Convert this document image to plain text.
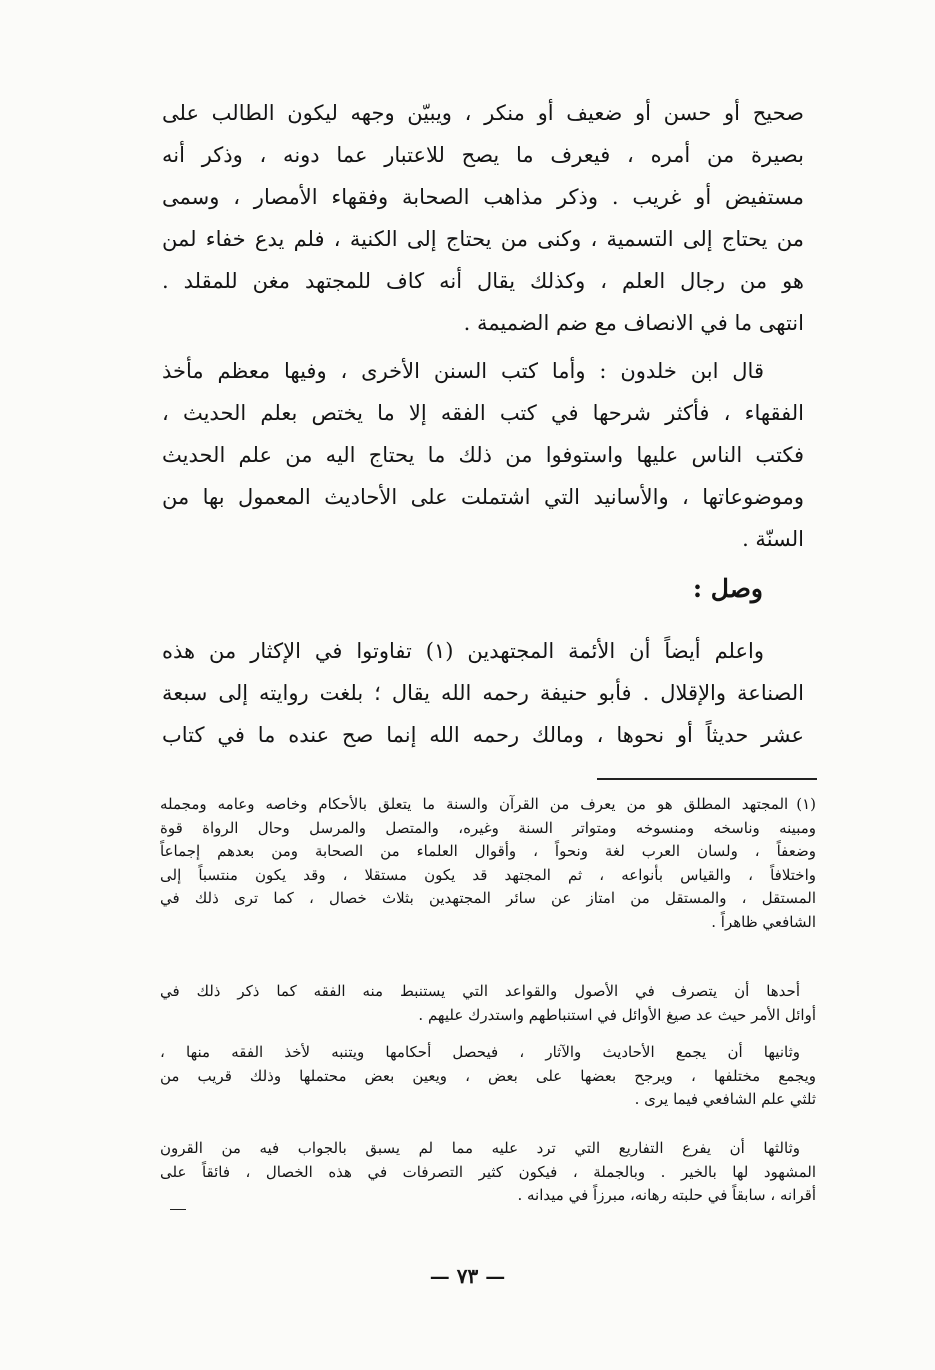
صحيح أو حسن أو ضعيف أو منكر ، ويبيّن وجهه ليكون الطالب على
بصيرة من أمره ، فيعرف ما يصح للاعتبار عما دونه ، وذكر أنه
مستفيض أو غريب . وذكر مذاهب الصحابة وفقهاء الأمصار ، وسمى
من يحتاج إلى التسمية ، وكنى من يحتاج إلى الكنية ، فلم يدع خفاء لمن
هو من رجال العلم ، وكذلك يقال أنه كاف للمجتهد مغن للمقلد .
انتهى ما في الانصاف مع ضم الضميمة .
قال ابن خلدون : وأما كتب السنن الأخرى ، وفيها معظم مأخذ
الفقهاء ، فأكثر شرحها في كتب الفقه إلا ما يختص بعلم الحديث ،
فكتب الناس عليها واستوفوا من ذلك ما يحتاج اليه من علم الحديث
وموضوعاتها ، والأسانيد التي اشتملت على الأحاديث المعمول بها من
السنّة .
وصل :
واعلم أيضاً أن الأئمة المجتهدين (١) تفاوتوا في الإكثار من هذه
الصناعة والإقلال . فأبو حنيفة رحمه الله يقال ؛ بلغت روايته إلى سبعة
عشر حديثاً أو نحوها ، ومالك رحمه الله إنما صح عنده ما في كتاب
(١)المجتهد المطلق هو من يعرف من القرآن والسنة ما يتعلق بالأحكام وخاصه وعامه ومجمله
ومبينه وناسخه ومنسوخه ومتواتر السنة وغيره، والمتصل والمرسل وحال الرواة قوة
وضعفاً ، ولسان العرب لغة ونحواً ، وأقوال العلماء من الصحابة ومن بعدهم إجماعاً
واختلافاً ، والقياس بأنواعه ، ثم المجتهد قد يكون مستقلا ، وقد يكون منتسباً إلى
المستقل ، والمستقل من امتاز عن سائر المجتهدين بثلاث خصال ، كما ترى ذلك في
الشافعي ظاهراً .
أحدها أن يتصرف في الأصول والقواعد التي يستنبط منه الفقه كما ذكر ذلك في
أوائل الأمر حيث عد صيغ الأوائل في استنباطهم واستدرك عليهم .
وثانيها أن يجمع الأحاديث والآثار ، فيحصل أحكامها ويتنبه لأخذ الفقه منها ،
ويجمع مختلفها ، ويرجح بعضها على بعض ، ويعين بعض محتملها وذلك قريب من
ثلثي علم الشافعي فيما يرى .
وثالثها أن يفرع التفاريع التي ترد عليه مما لم يسبق بالجواب فيه من القرون
المشهود لها بالخير . وبالجملة ، فيكون كثير التصرفات في هذه الخصال ، فائقاً على
أقرانه ، سابقاً في حلبته رهانه، مبرزاً في ميدانه .
— ٧٣ —
